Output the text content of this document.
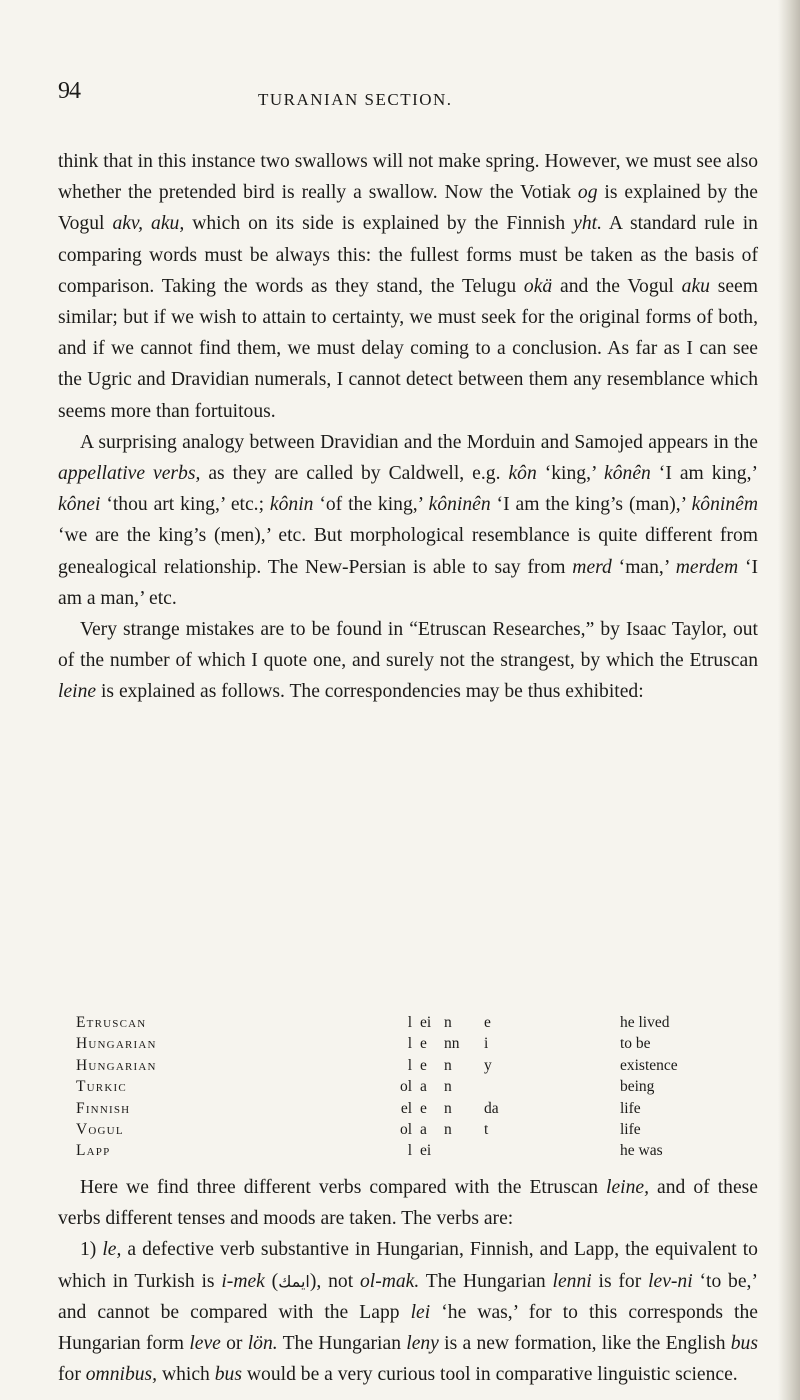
94	TURANIAN SECTION.

think that in this instance two swallows will not make spring. However, we must see also whether the pretended bird is really a swallow. Now the Votiak og is explained by the Vogul akv, aku, which on its side is explained by the Finnish yht. A standard rule in comparing words must be always this: the fullest forms must be taken as the basis of comparison. Taking the words as they stand, the Telugu okä and the Vogul aku seem similar; but if we wish to attain to certainty, we must seek for the original forms of both, and if we cannot find them, we must delay coming to a conclusion. As far as I can see the Ugric and Dravidian numerals, I cannot detect between them any resemblance which seems more than fortuitous.

A surprising analogy between Dravidian and the Morduin and Samojed appears in the appellative verbs, as they are called by Caldwell, e.g. kôn ‘king,’ kônên ‘I am king,’ kônei ‘thou art king,’ etc.; kônin ‘of the king,’ kôninên ‘I am the king’s (man),’ kôninêm ‘we are the king’s (men),’ etc. But morphological resemblance is quite different from genealogical relationship. The New-Persian is able to say from merd ‘man,’ merdem ‘I am a man,’ etc.

Very strange mistakes are to be found in “Etruscan Researches,” by Isaac Taylor, out of the number of which I quote one, and surely not the strangest, by which the Etruscan leine is explained as follows. The correspondencies may be thus exhibited:

Etruscan	l ei n e	he lived
Hungarian	l e nn i	to be
Hungarian	l e n y	existence
Turkic	ol a n	being
Finnish	el e n da	life
Vogul	ol a n t	life
Lapp	l ei	he was

Here we find three different verbs compared with the Etruscan leine, and of these verbs different tenses and moods are taken. The verbs are:

1) le, a defective verb substantive in Hungarian, Finnish, and Lapp, the equivalent to which in Turkish is i-mek (ایمك), not ol-mak. The Hungarian lenni is for lev-ni ‘to be,’ and cannot be compared with the Lapp lei ‘he was,’ for to this corresponds the Hungarian form leve or lön. The Hungarian leny is a new formation, like the English bus for omnibus, which bus would be a very curious tool in comparative linguistic science.
